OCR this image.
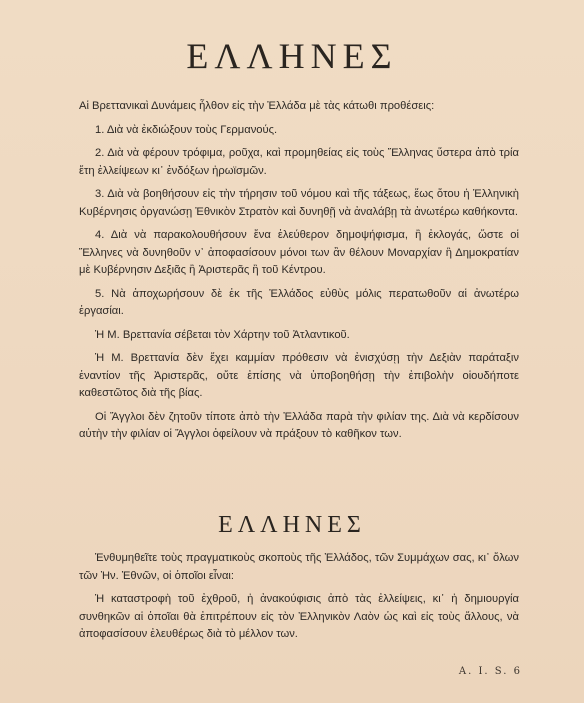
ΕΛΛΗΝΕΣ

Αἱ Βρεττανικαὶ Δυνάμεις ἦλθον εἰς τὴν Ἑλλάδα μὲ τὰς κάτωθι προθέσεις:

1. Διὰ νὰ ἐκδιώξουν τοὺς Γερμανούς.

2. Διὰ νὰ φέρουν τρόφιμα, ροῦχα, καὶ προμηθείας εἰς τοὺς Ἕλληνας ὕστερα ἀπὸ τρία ἔτη ἐλλείψεων κι᾽ ἐνδόξων ἡρωϊσμῶν.

3. Διὰ νὰ βοηθήσουν εἰς τὴν τήρησιν τοῦ νόμου καὶ τῆς τάξεως, ἕως ὅτου ἡ Ἑλληνικὴ Κυβέρνησις ὀργανώσῃ Ἐθνικὸν Στρατὸν καὶ δυνηθῇ νὰ ἀναλάβῃ τὰ ἀνωτέρω καθήκοντα.

4. Διὰ νὰ παρακολουθήσουν ἕνα ἐλεύθερον δημοψήφισμα, ἢ ἐκλογάς, ὥστε οἱ Ἕλληνες νὰ δυνηθοῦν ν᾽ ἀποφασίσουν μόνοι των ἂν θέλουν Μοναρχίαν ἢ Δημοκρατίαν μὲ Κυβέρνησιν Δεξιᾶς ἢ Ἀριστερᾶς ἢ τοῦ Κέντρου.

5. Νὰ ἀποχωρήσουν δὲ ἐκ τῆς Ἑλλάδος εὐθὺς μόλις περατωθοῦν αἱ ἀνωτέρω ἐργασίαι.

Ἡ Μ. Βρεττανία σέβεται τὸν Χάρτην τοῦ Ἀτλαντικοῦ.

Ἡ Μ. Βρεττανία δὲν ἔχει καμμίαν πρόθεσιν νὰ ἐνισχύσῃ τὴν Δεξιὰν παράταξιν ἐναντίον τῆς Ἀριστερᾶς, οὔτε ἐπίσης νὰ ὑποβοηθήσῃ τὴν ἐπιβολὴν οἱουδήποτε καθεστῶτος διὰ τῆς βίας.

Οἱ Ἄγγλοι δὲν ζητοῦν τίποτε ἀπὸ τὴν Ἑλλάδα παρὰ τὴν φιλίαν της. Διὰ νὰ κερδίσουν αὐτὴν τὴν φιλίαν οἱ Ἄγγλοι ὀφείλουν νὰ πράξουν τὸ καθῆκον των.

ΕΛΛΗΝΕΣ

Ἐνθυμηθεῖτε τοὺς πραγματικοὺς σκοποὺς τῆς Ἑλλάδος, τῶν Συμμάχων σας, κι᾽ ὅλων τῶν Ἡν. Ἐθνῶν, οἱ ὁποῖοι εἶναι:

Ἡ καταστροφὴ τοῦ ἐχθροῦ, ἡ ἀνακούφισις ἀπὸ τὰς ἐλλείψεις, κι᾽ ἡ δημιουργία συνθηκῶν αἱ ὁποῖαι θὰ ἐπιτρέπουν εἰς τὸν Ἑλληνικὸν Λαὸν ὡς καὶ εἰς τοὺς ἄλλους, νὰ ἀποφασίσουν ἐλευθέρως διὰ τὸ μέλλον των.

A. I. S. 6
